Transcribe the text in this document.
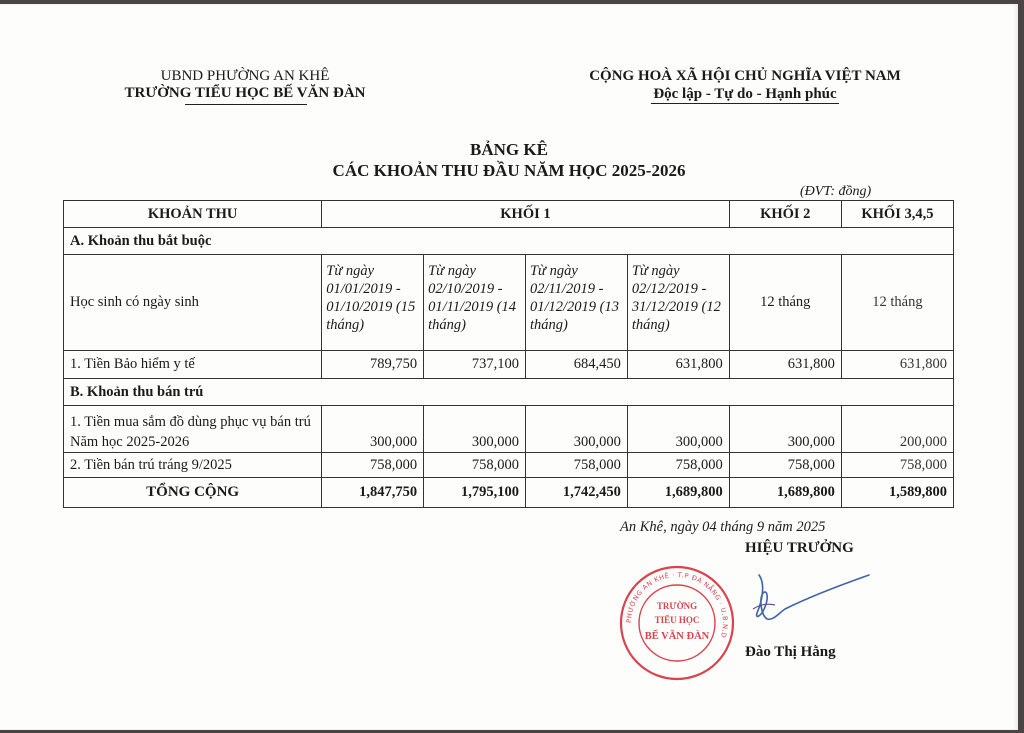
UBND PHƯỜNG AN KHÊ
TRƯỜNG TIỂU HỌC BẾ VĂN ĐÀN
CỘNG HOÀ XÃ HỘI CHỦ NGHĨA VIỆT NAM
Độc lập - Tự do - Hạnh phúc
BẢNG KÊ
CÁC KHOẢN THU ĐẦU NĂM HỌC 2025-2026
(ĐVT: đồng)
KHOẢN THU	KHỐI 1				KHỐI 2	KHỐI 3,4,5
A. Khoản thu bắt buộc						
Học sinh có ngày sinh	Từ ngày 01/01/2019 - 01/10/2019 (15 tháng)	Từ ngày 02/10/2019 - 01/11/2019 (14 tháng)	Từ ngày 02/11/2019 - 01/12/2019 (13 tháng)	Từ ngày 02/12/2019 - 31/12/2019 (12 tháng)	12 tháng	12 tháng
1. Tiền Bảo hiểm y tế	789,750	737,100	684,450	631,800	631,800	631,800
B. Khoản thu bán trú						
1. Tiền mua sắm đồ dùng phục vụ bán trú Năm học 2025-2026	300,000	300,000	300,000	300,000	300,000	200,000
2. Tiền bán trú tráng 9/2025	758,000	758,000	758,000	758,000	758,000	758,000
TỔNG CỘNG	1,847,750	1,795,100	1,742,450	1,689,800	1,689,800	1,589,800
An Khê, ngày 04 tháng 9 năm 2025
HIỆU TRƯỞNG
PHƯỜNG AN KHÊ · T.P ĐÀ NẴNG · U.B.N.D
TRƯỜNG
TIỂU HỌC
BẾ VĂN ĐÀN
Đào Thị Hằng
